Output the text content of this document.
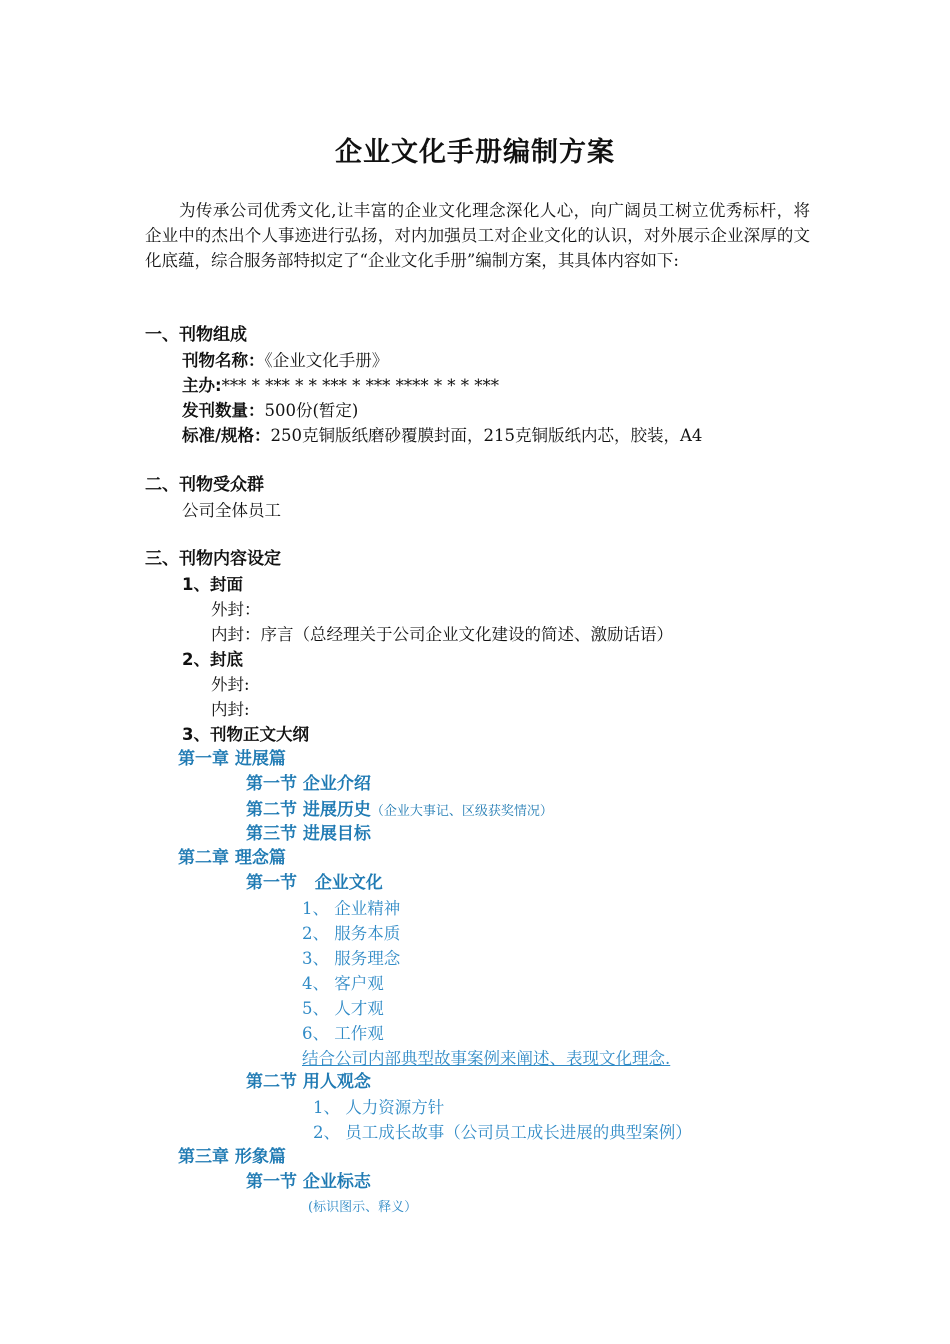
企业文化手册编制方案
为传承公司优秀文化,让丰富的企业文化理念深化人心，向广阔员工树立优秀标杆，将企业中的杰出个人事迹进行弘扬，对内加强员工对企业文化的认识，对外展示企业深厚的文化底蕴，综合服务部特拟定了“企业文化手册”编制方案，其具体内容如下:
一、刊物组成
刊物名称：《企业文化手册》
主办:*** * *** * * *** * *** **** * * * ***
发刊数量：500份(暂定)
标准/规格：250克铜版纸磨砂覆膜封面，215克铜版纸内芯，胶装，A4
二、刊物受众群
公司全体员工
三、刊物内容设定
1、封面
外封：
内封：序言（总经理关于公司企业文化建设的简述、激励话语）
2、封底
外封:
内封:
3、刊物正文大纲
第一章 进展篇
第一节 企业介绍
第二节 进展历史（企业大事记、区级获奖情况）
第三节 进展目标
第二章 理念篇
第一节   企业文化
1、 企业精神
2、 服务本质
3、 服务理念
4、 客户观
5、 人才观
6、 工作观
结合公司内部典型故事案例来阐述、表现文化理念.
第二节 用人观念
1、 人力资源方针
2、 员工成长故事（公司员工成长进展的典型案例）
第三章 形象篇
第一节 企业标志
(标识图示、释义）
